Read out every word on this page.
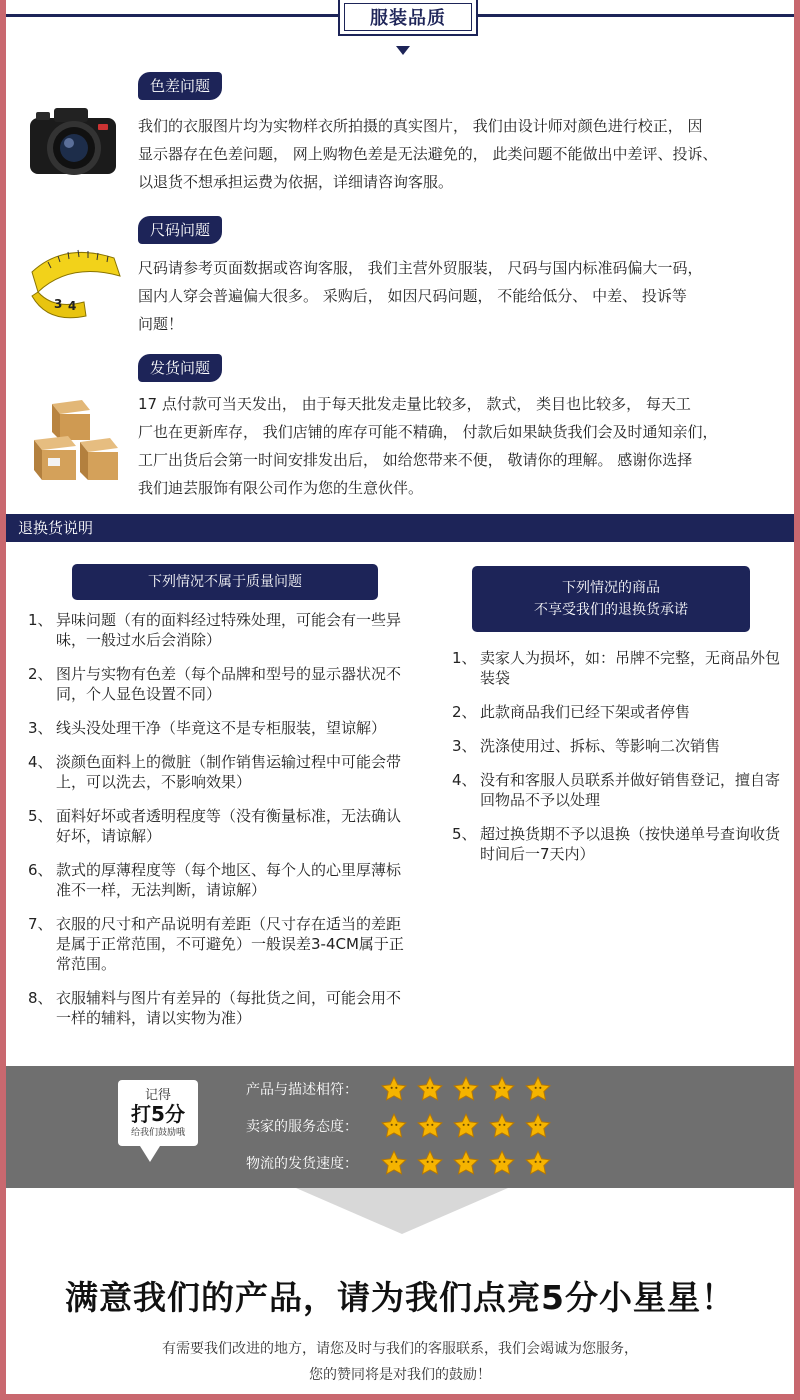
服装品质
色差问题
我们的衣服图片均为实物样衣所拍摄的真实图片， 我们由设计师对颜色进行校正， 因
显示器存在色差问题， 网上购物色差是无法避免的， 此类问题不能做出中差评、投诉、
以退货不想承担运费为依据，详细请咨询客服。
3 4
尺码问题
尺码请参考页面数据或咨询客服， 我们主营外贸服装， 尺码与国内标准码偏大一码，
国内人穿会普遍偏大很多。 采购后， 如因尺码问题， 不能给低分、 中差、 投诉等
问题！
发货问题
17 点付款可当天发出， 由于每天批发走量比较多， 款式， 类目也比较多， 每天工
厂也在更新库存， 我们店铺的库存可能不精确， 付款后如果缺货我们会及时通知亲们，
工厂出货后会第一时间安排发出后， 如给您带来不便， 敬请你的理解。 感谢你选择
我们迪芸服饰有限公司作为您的生意伙伴。
退换货说明
下列情况不属于质量问题	下列情况的商品
不享受我们的退换货承诺
1、 异味问题（有的面料经过特殊处理，可能会有一些异味，一般过水后会消除）
2、 图片与实物有色差（每个品牌和型号的显示器状况不同，个人显色设置不同）
3、 线头没处理干净（毕竟这不是专柜服装，望谅解）
4、 淡颜色面料上的微脏（制作销售运输过程中可能会带上，可以洗去，不影响效果）
5、 面料好坏或者透明程度等（没有衡量标准，无法确认好坏，请谅解）
6、 款式的厚薄程度等（每个地区、每个人的心里厚薄标准不一样，无法判断，请谅解）
7、 衣服的尺寸和产品说明有差距（尺寸存在适当的差距是属于正常范围，不可避免）一般误差3-4CM属于正常范围。
8、 衣服辅料与图片有差异的（每批货之间，可能会用不一样的辅料，请以实物为准）
1、 卖家人为损坏，如：吊牌不完整，无商品外包装袋
2、 此款商品我们已经下架或者停售
3、 洗涤使用过、拆标、等影响二次销售
4、 没有和客服人员联系并做好销售登记，擅自寄回物品不予以处理
5、 超过换货期不予以退换（按快递单号查询收货时间后一7天内）
记得
打5分
给我们鼓励哦
产品与描述相符：
卖家的服务态度：
物流的发货速度：
满意我们的产品，请为我们点亮5分小星星！
有需要我们改进的地方，请您及时与我们的客服联系，我们会竭诚为您服务，
您的赞同将是对我们的鼓励！
